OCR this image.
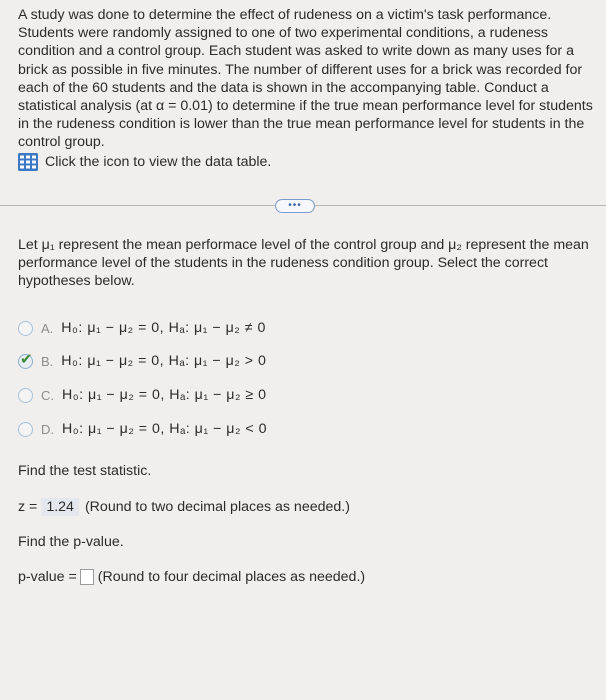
A study was done to determine the effect of rudeness on a victim's task performance. Students were randomly assigned to one of two experimental conditions, a rudeness condition and a control group. Each student was asked to write down as many uses for a brick as possible in five minutes. The number of different uses for a brick was recorded for each of the 60 students and the data is shown in the accompanying table. Conduct a statistical analysis (at α = 0.01) to determine if the true mean performance level for students in the rudeness condition is lower than the true mean performance level for students in the control group.
Click the icon to view the data table.
•••
Let μ₁ represent the mean performace level of the control group and μ₂ represent the mean performance level of the students in the rudeness condition group. Select the correct hypotheses below.
A. H₀: μ₁ − μ₂ = 0, Hₐ: μ₁ − μ₂ ≠ 0
✔ B. H₀: μ₁ − μ₂ = 0, Hₐ: μ₁ − μ₂ > 0
C. H₀: μ₁ − μ₂ = 0, Hₐ: μ₁ − μ₂ ≥ 0
D. H₀: μ₁ − μ₂ = 0, Hₐ: μ₁ − μ₂ < 0
Find the test statistic.
z = 1.24 (Round to two decimal places as needed.)
Find the p-value.
p-value = (Round to four decimal places as needed.)
